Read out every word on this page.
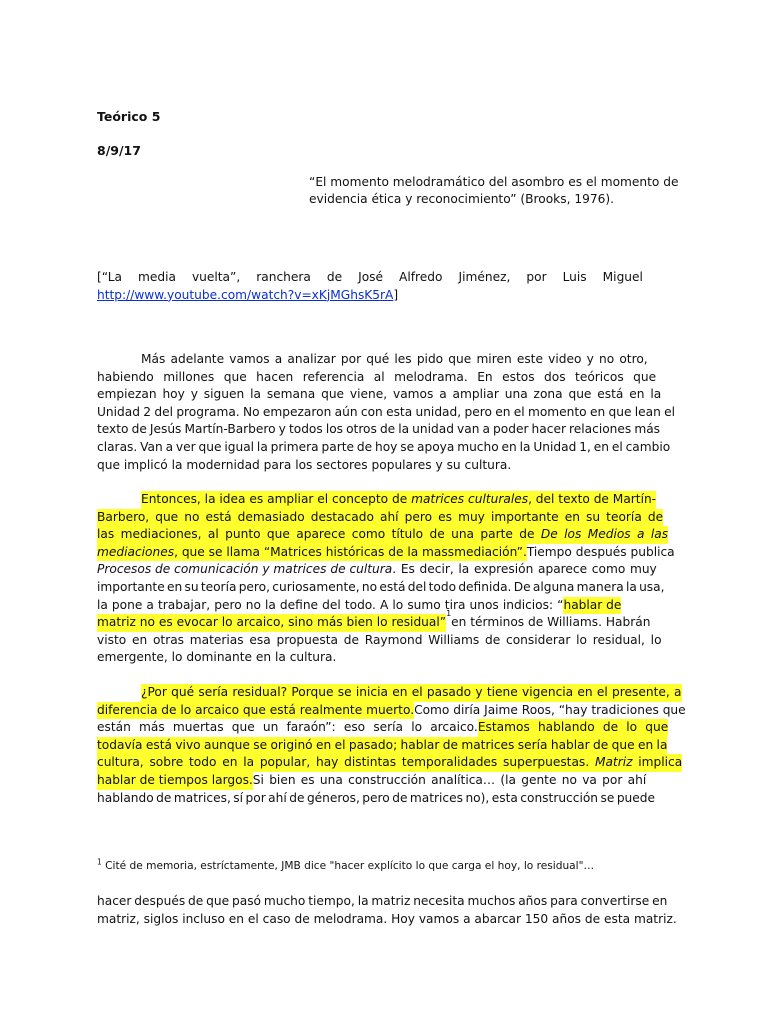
Teórico 5
8/9/17
“El momento melodramático del asombro es el momento de
evidencia ética y reconocimiento” (Brooks, 1976).
[“La media vuelta”, ranchera de José Alfredo Jiménez, por Luis Miguel
http://www.youtube.com/watch?v=xKjMGhsK5rA]
Más adelante vamos a analizar por qué les pido que miren este video y no otro,
habiendo millones que hacen referencia al melodrama. En estos dos teóricos que
empiezan hoy y siguen la semana que viene, vamos a ampliar una zona que está en la
Unidad 2 del programa. No empezaron aún con esta unidad, pero en el momento en que lean el
texto de Jesús Martín-Barbero y todos los otros de la unidad van a poder hacer relaciones más
claras. Van a ver que igual la primera parte de hoy se apoya mucho en la Unidad 1, en el cambio
que implicó la modernidad para los sectores populares y su cultura.
Entonces, la idea es ampliar el concepto de matrices culturales, del texto de Martín-
Barbero, que no está demasiado destacado ahí pero es muy importante en su teoría de
las mediaciones, al punto que aparece como título de una parte de De los Medios a las
mediaciones, que se llama “Matrices históricas de la massmediación”. Tiempo después publica
Procesos de comunicación y matrices de cultura . Es decir, la expresión aparece como muy
importante en su teoría pero, curiosamente, no está del todo definida. De alguna manera la usa,
la pone a trabajar, pero no la define del todo. A lo sumo tira unos indicios: “ hablar de
matriz no es evocar lo arcaico, sino más bien lo residual”
1
en términos de Williams. Habrán
visto en otras materias esa propuesta de Raymond Williams de considerar lo residual, lo
emergente, lo dominante en la cultura.
¿Por qué sería residual? Porque se inicia en el pasado y tiene vigencia en el presente, a
diferencia de lo arcaico que está realmente muerto. Como diría Jaime Roos, “hay tradiciones que
están más muertas que un faraón”: eso sería lo arcaico. Estamos hablando de lo que
todavía está vivo aunque se originó en el pasado; hablar de matrices sería hablar de que en la
cultura, sobre todo en la popular, hay distintas temporalidades superpuestas. Matriz implica
hablar de tiempos largos. Si bien es una construcción analítica… (la gente no va por ahí
hablando de matrices, sí por ahí de géneros, pero de matrices no), esta construcción se puede
$^1$ Cité de memoria, estríctamente, JMB dice "hacer explícito lo que carga el hoy, lo residual"…
hacer después de que pasó mucho tiempo, la matriz necesita muchos años para convertirse en
matriz, siglos incluso en el caso de melodrama. Hoy vamos a abarcar 150 años de esta matriz.
